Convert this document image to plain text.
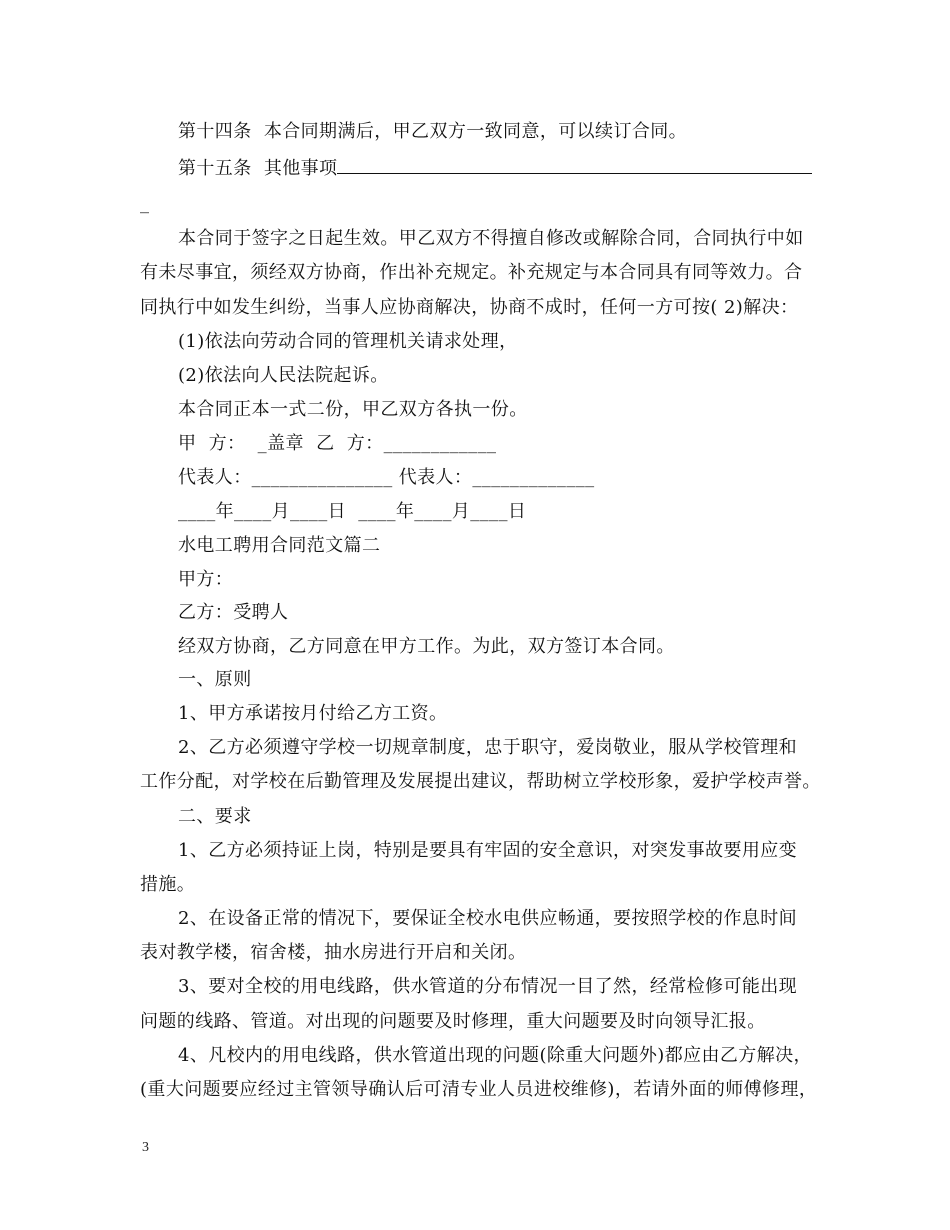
第十四条  本合同期满后，甲乙双方一致同意，可以续订合同。
第十五条  其他事项
_
本合同于签字之日起生效。甲乙双方不得擅自修改或解除合同，合同执行中如
有未尽事宜，须经双方协商，作出补充规定。补充规定与本合同具有同等效力。合
同执行中如发生纠纷，当事人应协商解决，协商不成时，任何一方可按( 2)解决：
(1)依法向劳动合同的管理机关请求处理，
(2)依法向人民法院起诉。
本合同正本一式二份，甲乙双方各执一份。
甲  方：  _盖章  乙  方：____________
代表人：_______________ 代表人：_____________
____年____月____日  ____年____月____日
水电工聘用合同范文篇二
甲方：
乙方：受聘人
经双方协商，乙方同意在甲方工作。为此，双方签订本合同。
一、原则
1、甲方承诺按月付给乙方工资。
2、乙方必须遵守学校一切规章制度，忠于职守，爱岗敬业，服从学校管理和
工作分配，对学校在后勤管理及发展提出建议，帮助树立学校形象，爱护学校声誉。
二、要求
1、乙方必须持证上岗，特别是要具有牢固的安全意识，对突发事故要用应变
措施。
2、在设备正常的情况下，要保证全校水电供应畅通，要按照学校的作息时间
表对教学楼，宿舍楼，抽水房进行开启和关闭。
3、要对全校的用电线路，供水管道的分布情况一目了然，经常检修可能出现
问题的线路、管道。对出现的问题要及时修理，重大问题要及时向领导汇报。
4、凡校内的用电线路，供水管道出现的问题(除重大问题外)都应由乙方解决，
(重大问题要应经过主管领导确认后可清专业人员进校维修)，若请外面的师傅修理，
3
